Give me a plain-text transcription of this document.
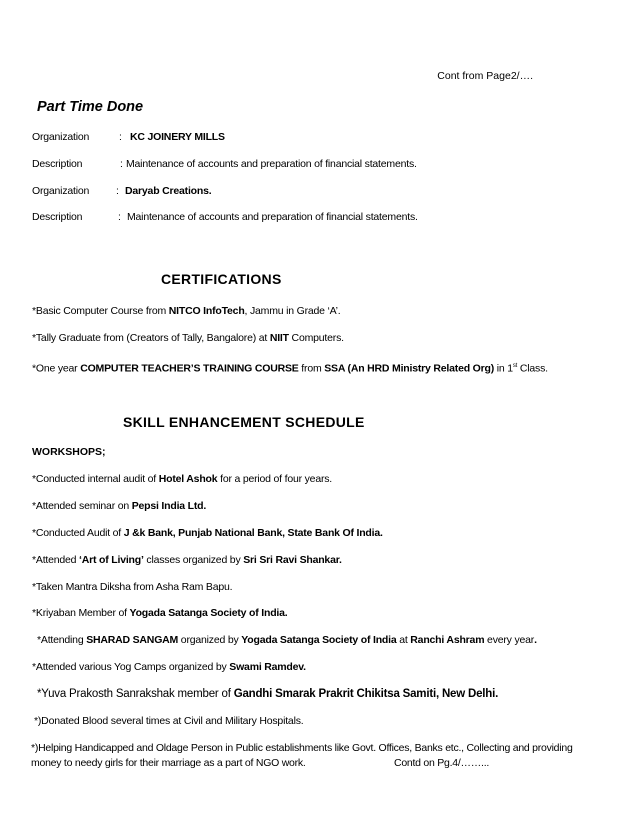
Cont from Page2/….
Part Time Done
Organization	: KC JOINERY MILLS
Description	: Maintenance of accounts and preparation of financial statements.
Organization	: Daryab Creations.
Description	: Maintenance of accounts and preparation of financial statements.
CERTIFICATIONS
*Basic Computer Course from NITCO InfoTech, Jammu in Grade ‘A’.
*Tally Graduate from (Creators of Tally, Bangalore) at NIIT Computers.
*One year COMPUTER TEACHER’S TRAINING COURSE from SSA (An HRD Ministry Related Org) in 1st Class.
SKILL ENHANCEMENT SCHEDULE
WORKSHOPS;
*Conducted internal audit of Hotel Ashok for a period of four years.
*Attended seminar on Pepsi India Ltd.
*Conducted Audit of J &k Bank, Punjab National Bank, State Bank Of India.
*Attended ‘Art of Living’ classes organized by Sri Sri Ravi Shankar.
*Taken Mantra Diksha from Asha Ram Bapu.
*Kriyaban Member of Yogada Satanga Society of India.
*Attending SHARAD SANGAM organized by Yogada Satanga Society of India at Ranchi Ashram every year.
*Attended various Yog Camps organized by Swami Ramdev.
*Yuva Prakosth Sanrakshak member of Gandhi Smarak Prakrit Chikitsa Samiti, New Delhi.
*)Donated Blood several times at Civil and Military Hospitals.
*)Helping Handicapped and Oldage Person in Public establishments like Govt. Offices, Banks etc., Collecting and providing
money to needy girls for their marriage as a part of NGO work.	Contd on Pg.4/……...
